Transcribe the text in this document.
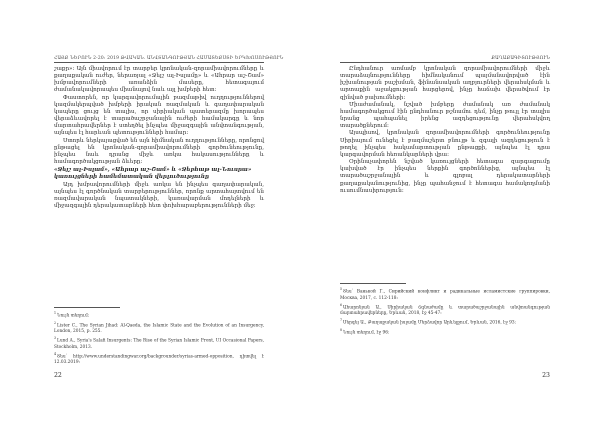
ՀԱՅՔ ՆԵՐՈՒՆ 2-20: 2019 ԹՎԱԿԱՆ. ԱՆՎՏԱՆԳՈՒԹՅԱՆ ՀԱՄԱՏԵՔՍՏԻ ԵՐԿԽՈՍՈՒԹՅՈՒՆ

շաքր»: Այն միավորում էր տարբեր կրոնական-զորամիավորումները և քաղաքական ուժեր, ներառյալ «Ջեյշ ալ-Իսլամը» և «Ահրար աշ-Շամ» խմբավորումների առանձին մասերը, հետագայում ժամանակավորապես միանալով նաև այլ խմբերի հետ:

Փաստորեն, որ կարգավորումային բազմաթիվ ուղղություններով կազմակերպված խմբերի իրական ռազմական և գաղափարական կապերը ցույց են տալիս, որ սիրիական պատերազմը խորապես վերաձևավորել է տարածաշրջանային ուժերի համակարգը և նոր մարտահրավերներ է ստեղծել ինչպես միջազգային անվտանգության, այնպես էլ հարևան պետությունների համար:

Ստորև ներկայացված են այն հիմնական ուղղությունները, որոնցով ընթացել են կրոնական-զորամիավորումների գործունեությունը, ինչպես նաև դրանց միջև առկա հակասությունները և համագործակցության ձևերը:

«Ջեյշ ալ-Իսլամ», «Ահրար աշ-Շամ» և «Ջեբհաթ ալ-Նուսրա» կառույցների համեմատական վերլուծությունը

Այդ խմբավորումների միջև առկա են ինչպես գաղափարական, այնպես էլ գործնական տարբերություններ, որոնք արտահայտվում են ռազմավարական նպատակների, կառավարման մոդելների և միջազգային դերակատարների հետ փոխհարաբերությունների մեջ:

$^1$Նույն տեղում:

$^2$Lister C., The Syrian Jihad: Al-Qaeda, the Islamic State and the Evolution of an Insurgency, London, 2015, p. 255.

$^3$Lund A., Syria's Salafi Insurgents: The Rise of the Syrian Islamic Front, UI Occasional Papers, Stockholm, 2013.

$^4$Տես՝ http://www.understandingwar.org/backgrounder/syrias-armed-opposition, դիտվել է 12.03.2019:

22
ՔԱՂԱՔԱԳԻՏՈՒԹՅՈՒՆ

Ընդհանուր առմամբ կրոնական զորամիավորումների միջև տարաձայնությունները հիմնականում պայմանավորված էին իշխանության բաշխման, ֆինանսական աղբյուրների վերահսկման և արտաքին աջակցության հարցերով, ինչը հաճախ վերածվում էր զինված բախումների:

Միաժամանակ, նշված խմբերը ժամանակ առ ժամանակ համագործակցում էին ընդհանուր թշնամու դեմ, ինչը թույլ էր տալիս նրանց պահպանել իրենց ազդեցությունը վերահսկվող տարածքներում:

Այսպիսով, կրոնական զորամիավորումների գործունեությունը Սիրիայում ունեցել է բազմաշերտ բնույթ և զգալի ազդեցություն է թողել ինչպես հակամարտության ընթացքի, այնպես էլ դրա կարգավորման հեռանկարների վրա:

Օրինաչափորեն նշված կառույցների հետագա զարգացումը կախված էր ինչպես ներքին գործոններից, այնպես էլ տարածաշրջանային և գլոբալ դերակատարների քաղաքականությունից, ինչը պահանջում է հետագա համակողմանի ուսումնասիրություն:

$^5$Տես՝ Ванькой Г., Сирийский конфликт и радикальные исламистские группировки, Москва, 2017, с. 112-118:

$^6$Ահարոնյան Ա., Սիրիական ճգնաժամը և տարածաշրջանային անվտանգության մարտահրավերները, Երևան, 2018, էջ 45-47:

$^7$Սերգեյ Ա., Քաղաքական իսլամը Մերձավոր Արևելքում, Երևան, 2016, էջ 93:

$^8$Նույն տեղում, էջ 96:

23
